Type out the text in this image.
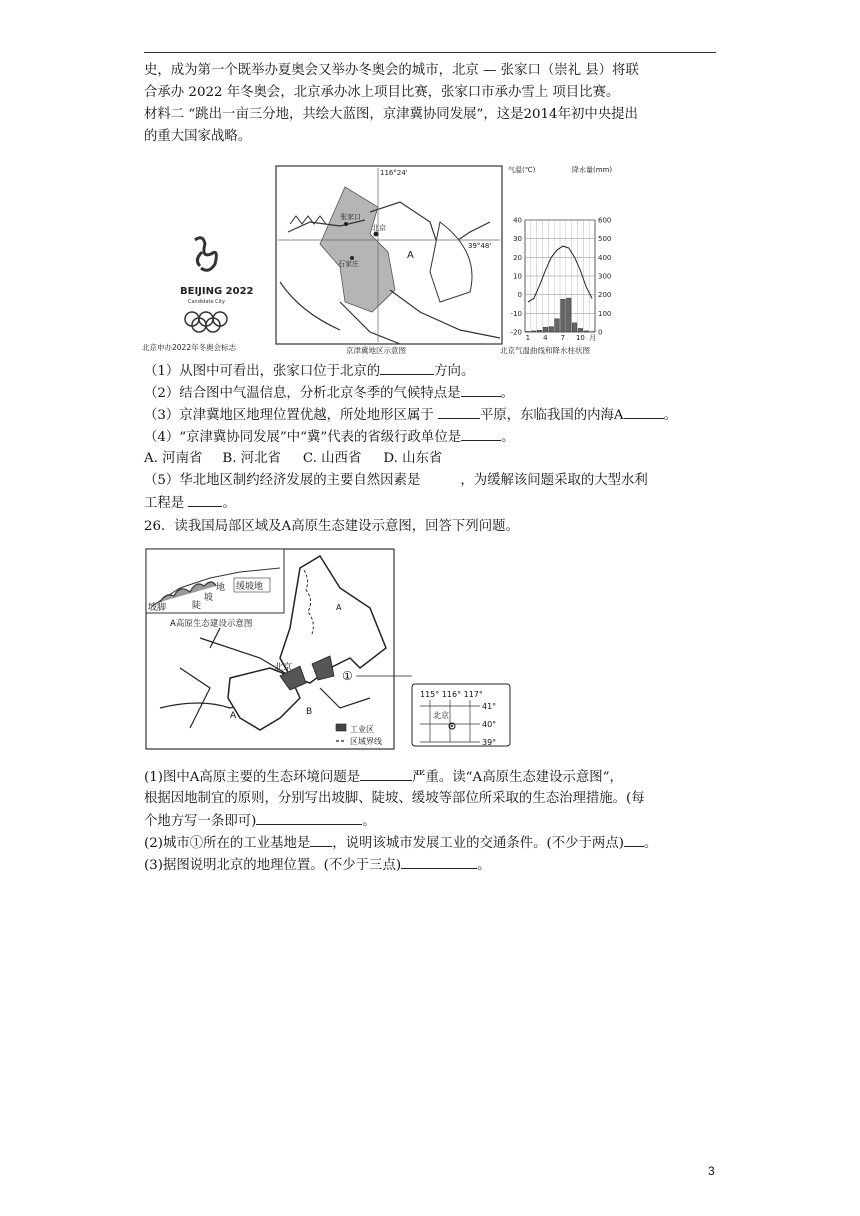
史，成为第一个既举办夏奥会又举办冬奥会的城市，北京 — 张家口（崇礼 县）将联
合承办 2022 年冬奥会，北京承办冰上项目比赛，张家口市承办雪上 项目比赛。
材料二 “跳出一亩三分地，共绘大蓝图，京津冀协同发展”，这是2014年初中央提出
的重大国家战略。
BEIJING 2022
Candidate City
北京申办2022年冬奥会标志
116°24'
39°48'
张家口
北京
石家庄
A
京津冀地区示意图
气温(℃)	降水量(mm)
40	600
30	500
20	400
10	300
0	200
-10	100
-20	0
1 4 7 10 月
北京气温曲线和降水柱状图
（1）从图中可看出，张家口位于北京的	方向。
（2）结合图中气温信息，分析北京冬季的气候特点是	。
（3）京津冀地区地理位置优越，所处地形区属于	平原，东临我国的内海A	。
（4）“京津冀协同发展”中“冀”代表的省级行政单位是	。
A. 河南省 B. 河北省 C. 山西省 D. 山东省
（5）华北地区制约经济发展的主要自然因素是	，为缓解该问题采取的大型水利
工程是	。
26．读我国局部区域及A高原生态建设示意图，回答下列问题。
缓坡地
地
坡
陡
坡脚
A高原生态建设示意图
北京
A	B
A
①
工业区
区域界线
115° 116° 117°
41°
40°
39°
北京
(1)图中A高原主要的生态环境问题是	严重。读“A高原生态建设示意图”，
根据因地制宜的原则，分别写出坡脚、陡坡、缓坡等部位所采取的生态治理措施。(每
个地方写一条即可)	。
(2)城市①所在的工业基地是 ，说明该城市发展工业的交通条件。(不少于两点) 。
(3)据图说明北京的地理位置。(不少于三点)	。
3
